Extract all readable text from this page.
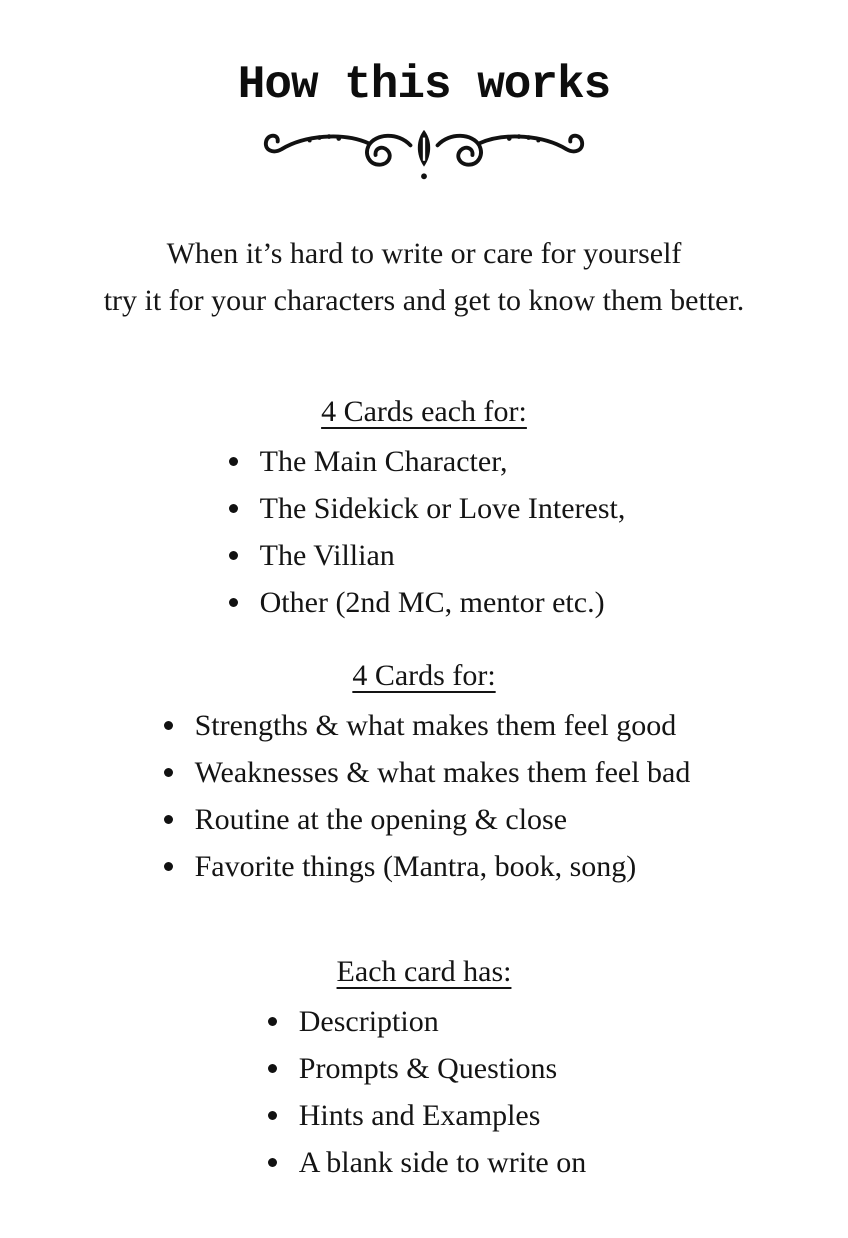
How this works
When it’s hard to write or care for yourself
try it for your characters and get to know them better.
4 Cards each for:
The Main Character,
The Sidekick or Love Interest,
The Villian
Other (2nd MC, mentor etc.)
4 Cards for:
Strengths & what makes them feel good
Weaknesses & what makes them feel bad
Routine at the opening & close
Favorite things (Mantra, book, song)
Each card has:
Description
Prompts & Questions
Hints and Examples
A blank side to write on
